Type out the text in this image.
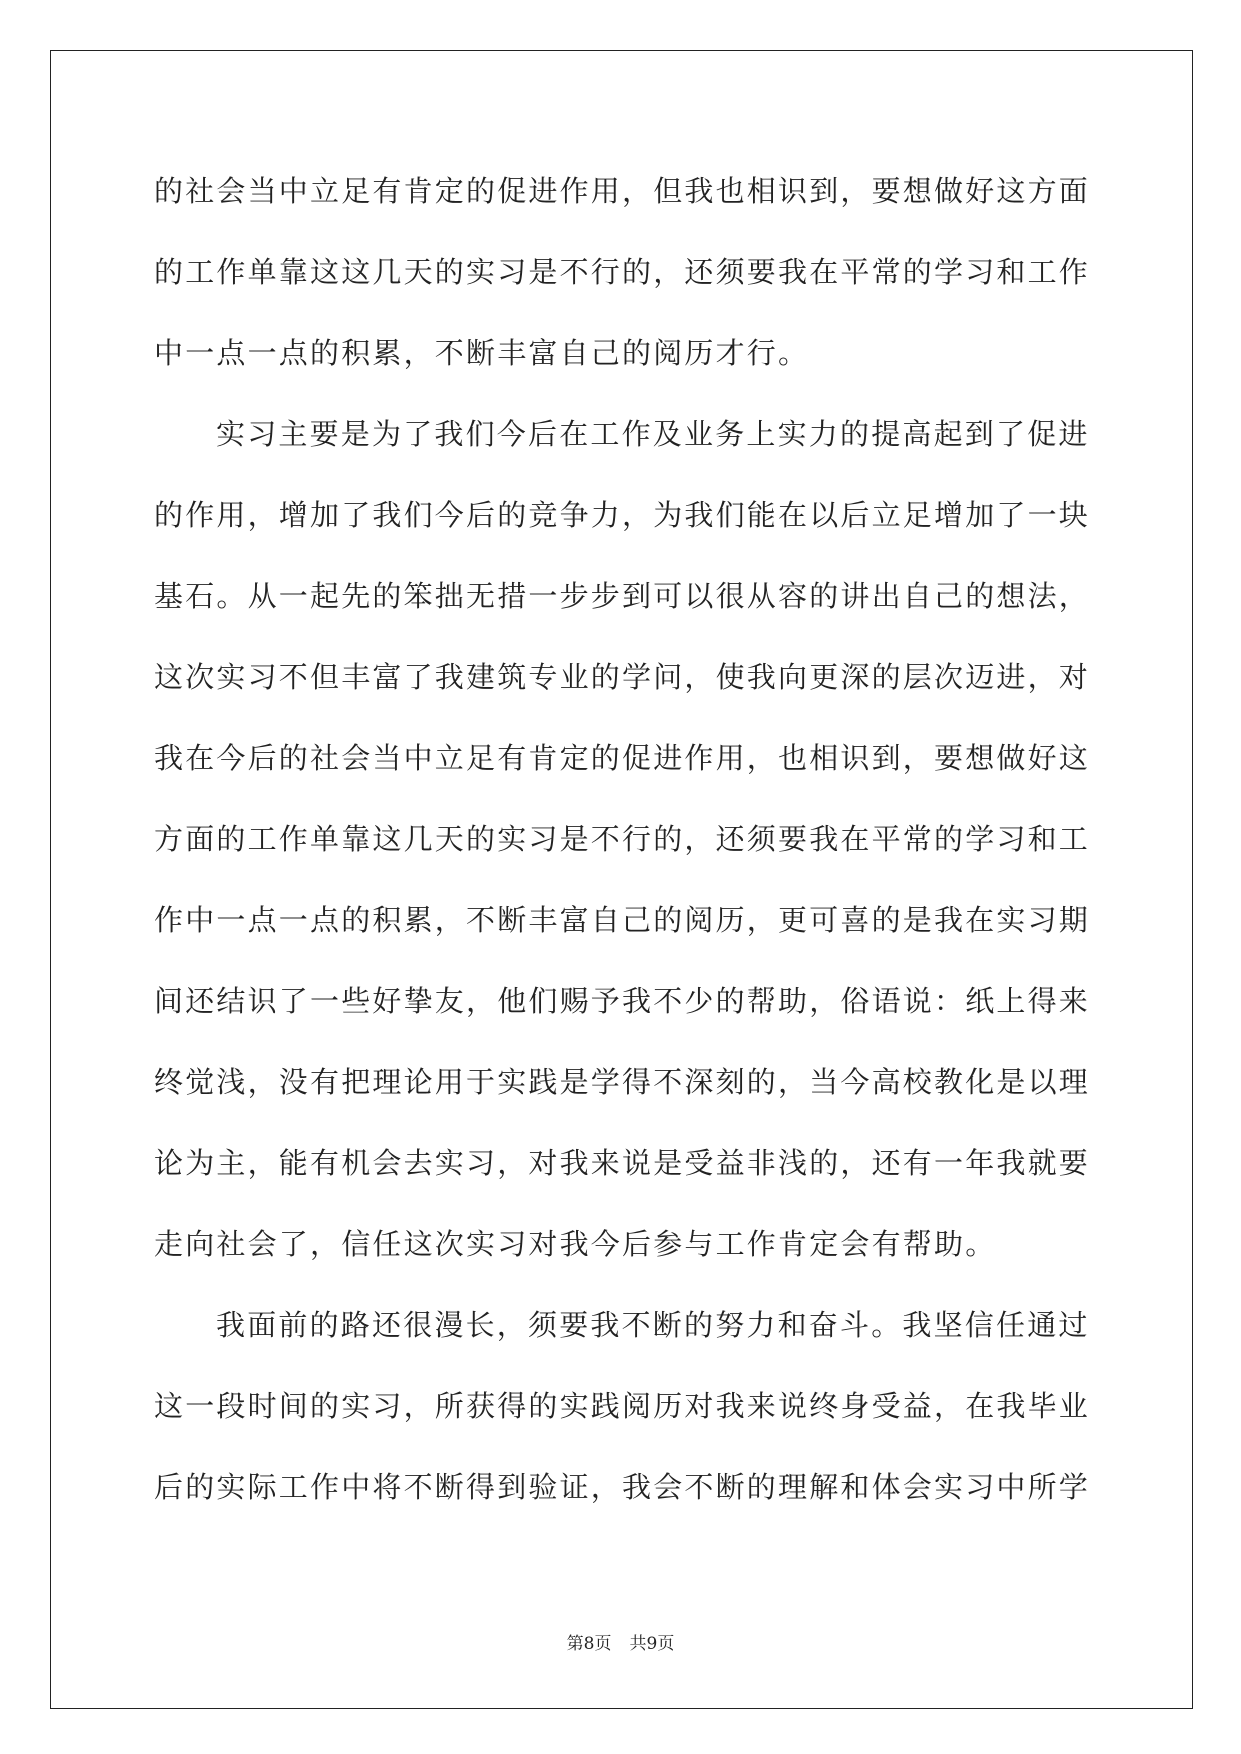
的社会当中立足有肯定的促进作用，但我也相识到，要想做好这方面
的工作单靠这这几天的实习是不行的，还须要我在平常的学习和工作
中一点一点的积累，不断丰富自己的阅历才行。
实习主要是为了我们今后在工作及业务上实力的提高起到了促进
的作用，增加了我们今后的竞争力，为我们能在以后立足增加了一块
基石。从一起先的笨拙无措一步步到可以很从容的讲出自己的想法，
这次实习不但丰富了我建筑专业的学问，使我向更深的层次迈进，对
我在今后的社会当中立足有肯定的促进作用，也相识到，要想做好这
方面的工作单靠这几天的实习是不行的，还须要我在平常的学习和工
作中一点一点的积累，不断丰富自己的阅历，更可喜的是我在实习期
间还结识了一些好挚友，他们赐予我不少的帮助，俗语说：纸上得来
终觉浅，没有把理论用于实践是学得不深刻的，当今高校教化是以理
论为主，能有机会去实习，对我来说是受益非浅的，还有一年我就要
走向社会了，信任这次实习对我今后参与工作肯定会有帮助。
我面前的路还很漫长，须要我不断的努力和奋斗。我坚信任通过
这一段时间的实习，所获得的实践阅历对我来说终身受益，在我毕业
后的实际工作中将不断得到验证，我会不断的理解和体会实习中所学
第8页 共9页
